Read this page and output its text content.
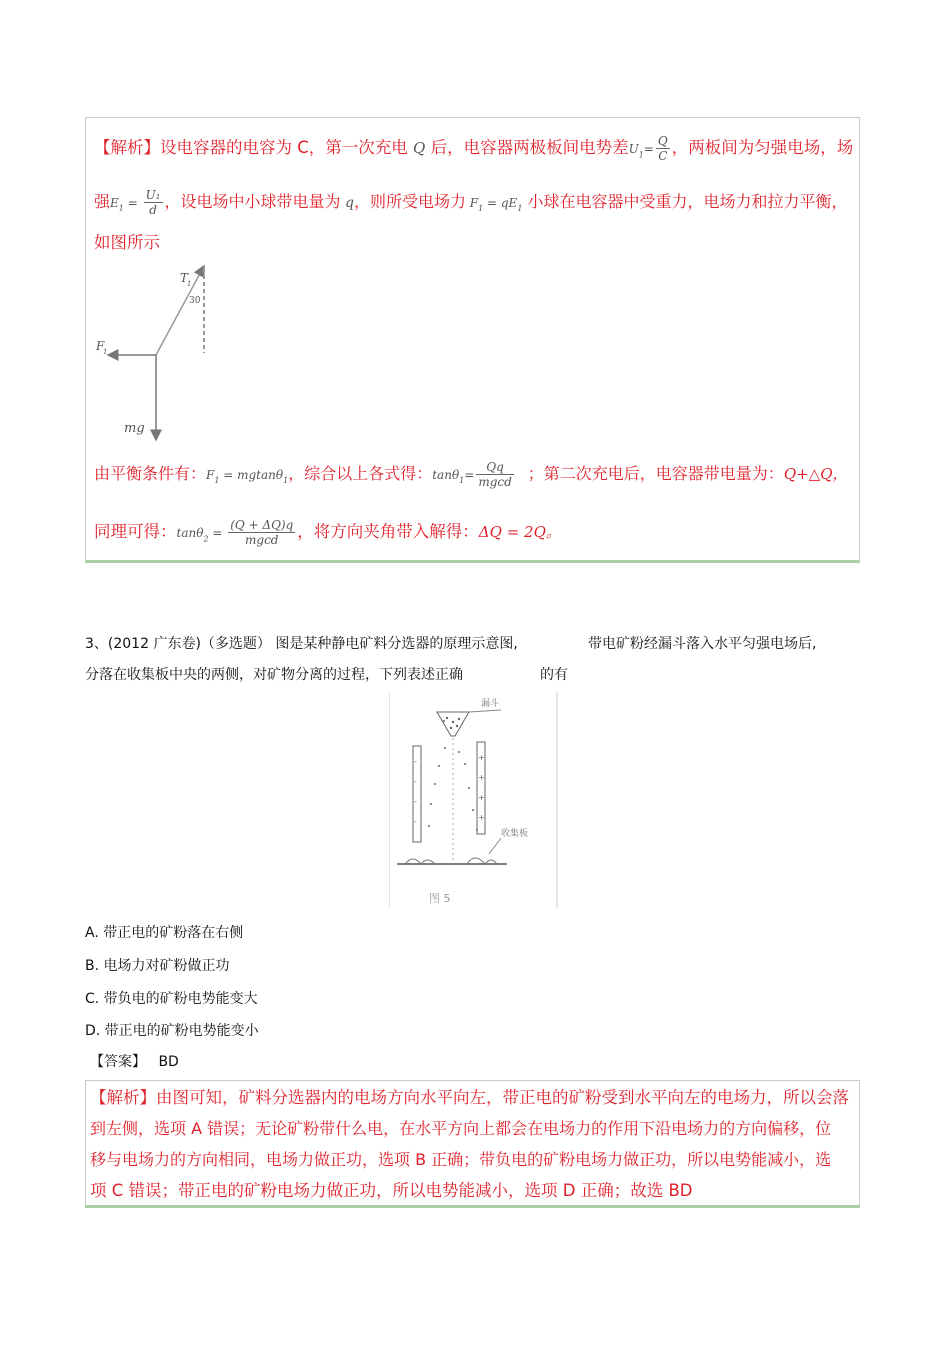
【解析】设电容器的电容为 C，第一次充电 Q 后，电容器两极板间电势差$U_1= \frac{Q}{C}$ ，两板间为匀强电场，场
强$E_1 = \frac{\text{U₁}}{d}$ ，设电场中小球带电量为 q，则所受电场力 $F_1 = qE_1$ 小球在电容器中受重力，电场力和拉力平衡，
如图所示
T
1
30
F
1
mg
由平衡条件有：$F_1 = mgtan\theta_1$，综合以上各式得：$\tan\theta_1= \frac{Qq}{mgcd}$ ；第二次充电后，电容器带电量为：Q+△Q，
同理可得：$\tan\theta_2 = \frac{(Q + \Delta Q)q}{mgcd}$ ，将方向夹角带入解得：ΔQ = 2Q。
3、(2012 广东卷)（多选题） 图是某种静电矿料分选器的原理示意图,	带电矿粉经漏斗落入水平匀强电场后,
分落在收集板中央的两侧，对矿物分离的过程，下列表述正确	的有
漏斗
-
-
-
-
+
+
+
+
收集板
图 5
A. 带正电的矿粉落在右侧
B. 电场力对矿粉做正功
C. 带负电的矿粉电势能变大
D. 带正电的矿粉电势能变小
【答案】 BD
【解析】由图可知，矿料分选器内的电场方向水平向左，带正电的矿粉受到水平向左的电场力，所以会落
到左侧，选项 A 错误；无论矿粉带什么电，在水平方向上都会在电场力的作用下沿电场力的方向偏移，位
移与电场力的方向相同，电场力做正功，选项 B 正确；带负电的矿粉电场力做正功，所以电势能减小，选
项 C 错误；带正电的矿粉电场力做正功，所以电势能减小，选项 D 正确；故选 BD
